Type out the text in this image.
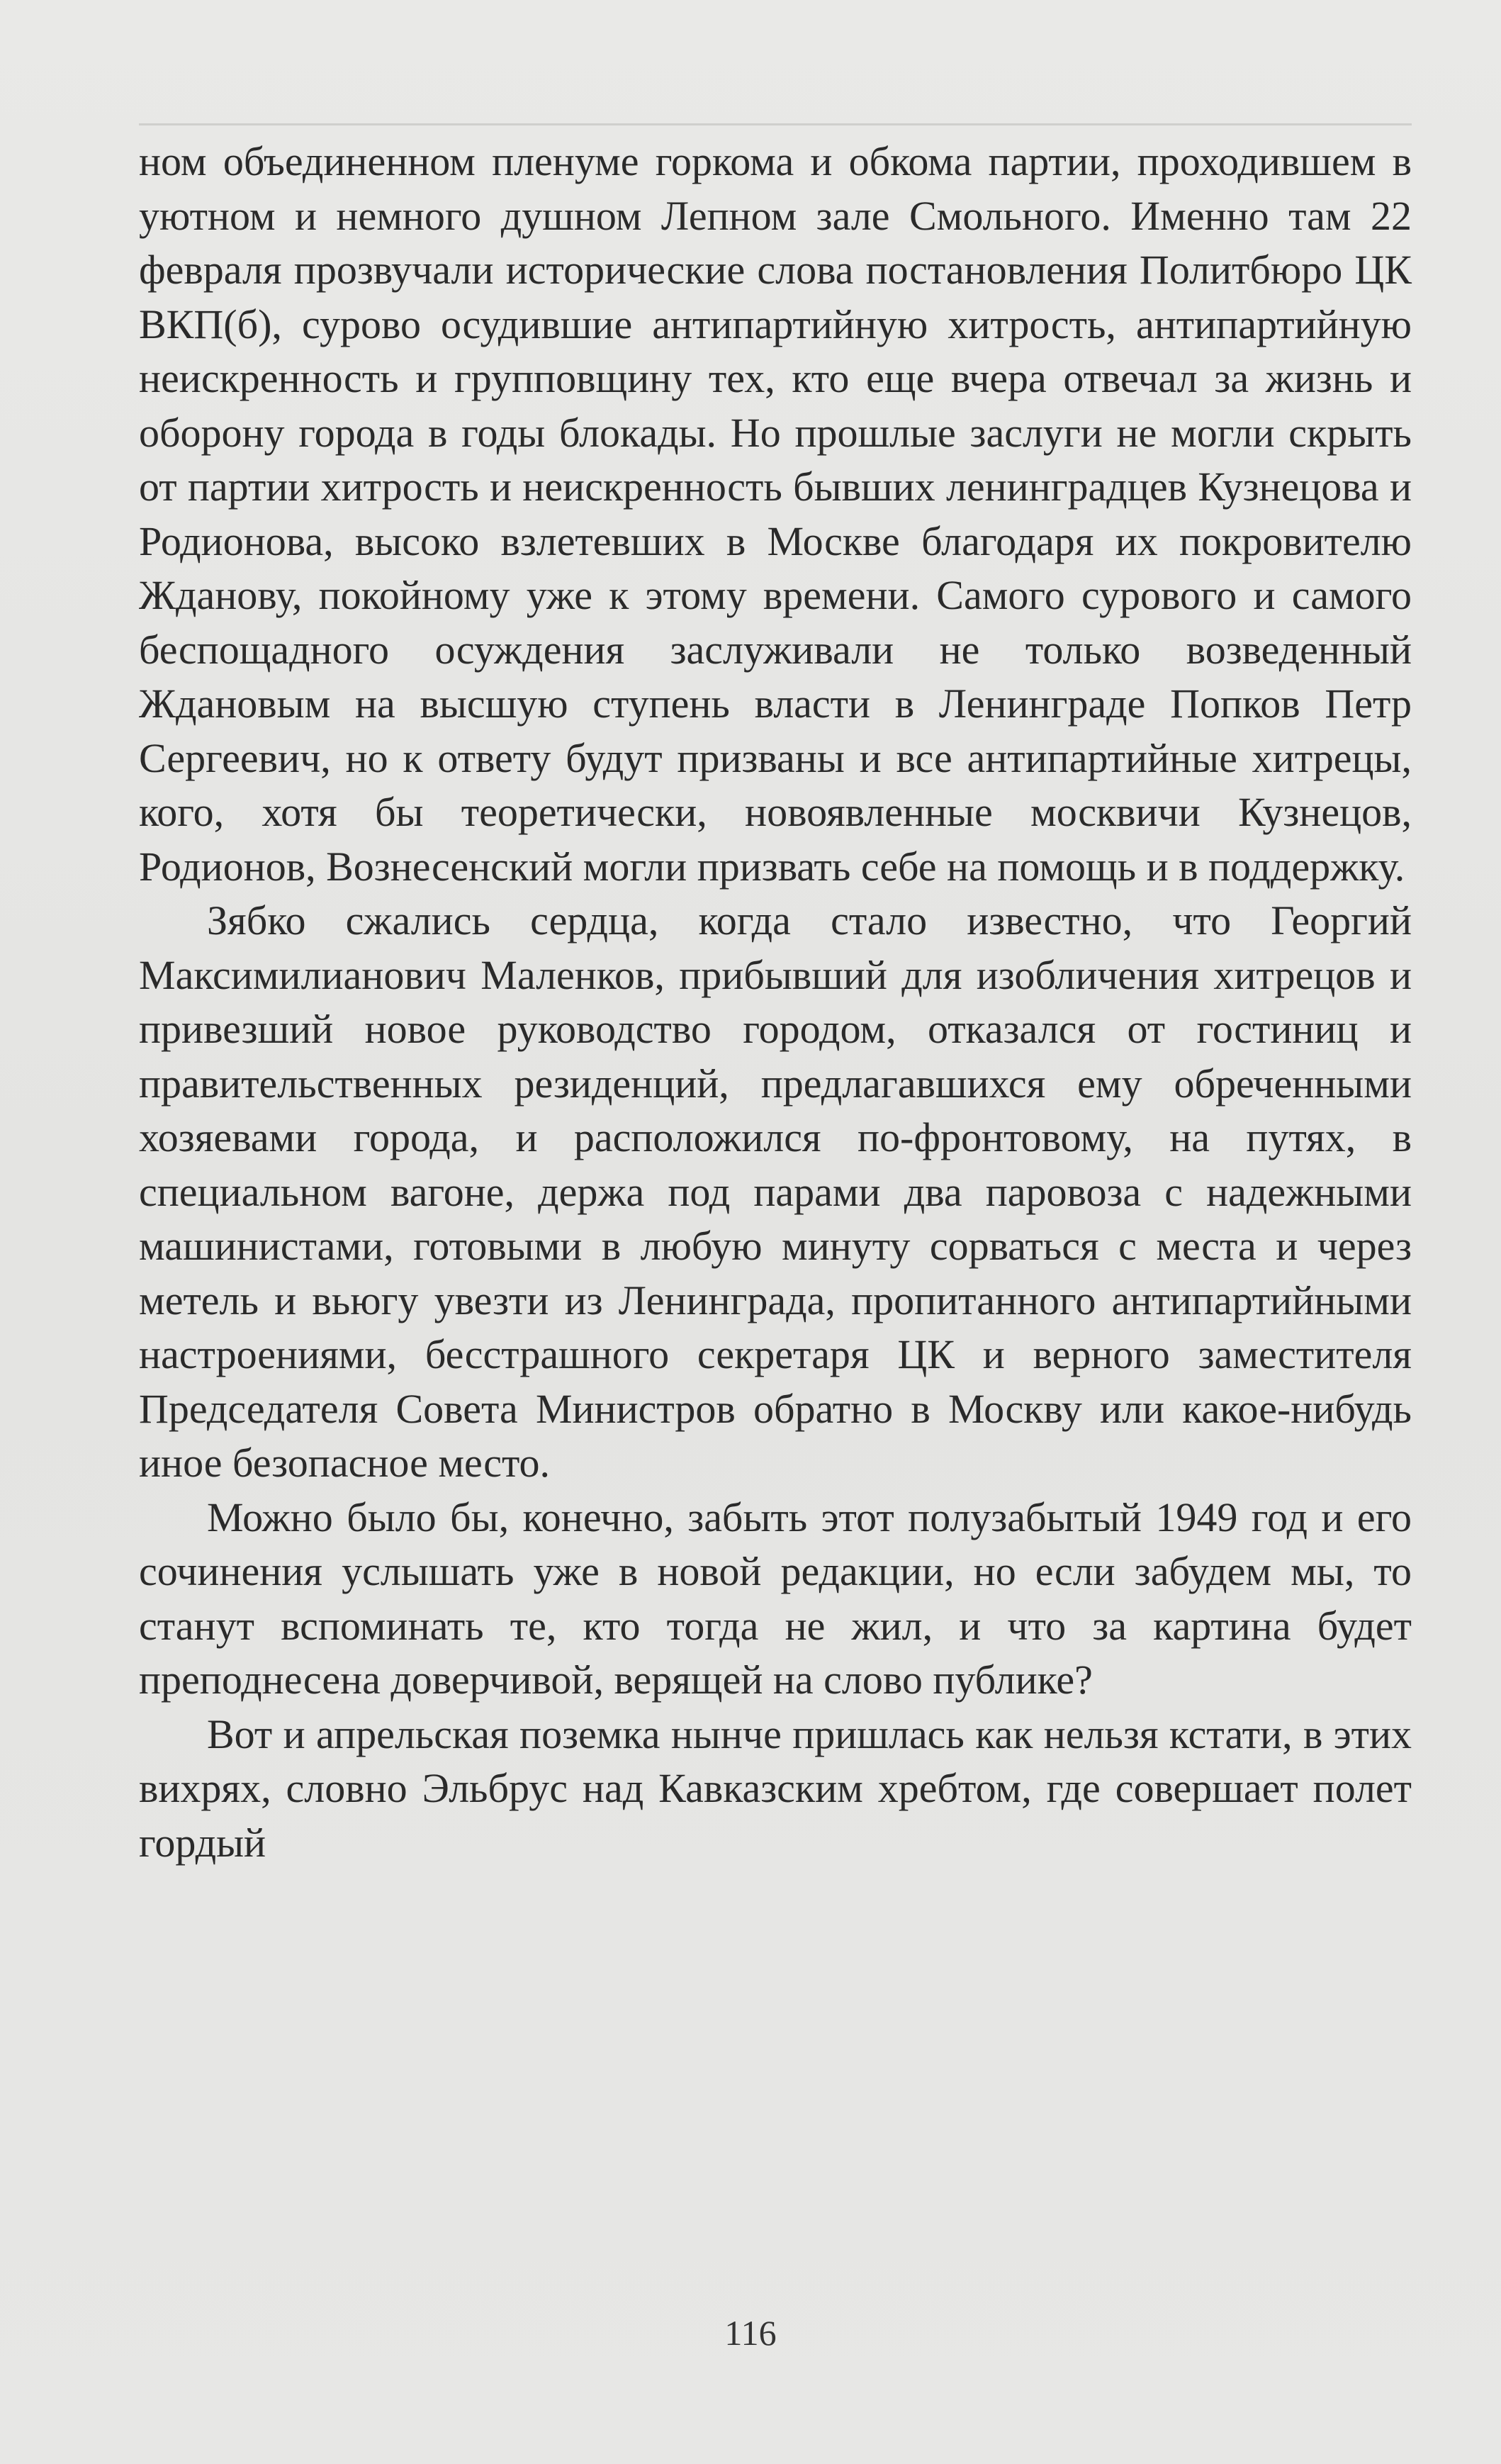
ном объединенном пленуме горкома и обкома партии, проходившем в уютном и немного душном Лепном зале Смольного. Именно там 22 февраля прозвучали исторические слова постановления Политбюро ЦК ВКП(б), сурово осудившие антипартийную хитрость, антипартийную неискренность и групповщину тех, кто еще вчера отвечал за жизнь и оборону города в годы блокады. Но прошлые заслуги не могли скрыть от партии хитрость и неискренность бывших ленинградцев Кузнецова и Родионова, высоко взлетевших в Москве благодаря их покровителю Жданову, покойному уже к этому времени. Самого сурового и самого беспощадного осуждения заслуживали не только возведенный Ждановым на высшую ступень власти в Ленинграде Попков Петр Сергеевич, но к ответу будут призваны и все антипартийные хитрецы, кого, хотя бы теоретически, новоявленные москвичи Кузнецов, Родионов, Вознесенский могли призвать себе на помощь и в поддержку.

Зябко сжались сердца, когда стало известно, что Георгий Максимилианович Маленков, прибывший для изобличения хитрецов и привезший новое руководство городом, отказался от гостиниц и правительственных резиденций, предлагавшихся ему обреченными хозяевами города, и расположился по-фронтовому, на путях, в специальном вагоне, держа под парами два паровоза с надежными машинистами, готовыми в любую минуту сорваться с места и через метель и вьюгу увезти из Ленинграда, пропитанного антипартийными настроениями, бесстрашного секретаря ЦК и верного заместителя Председателя Совета Министров обратно в Москву или какое-нибудь иное безопасное место.

Можно было бы, конечно, забыть этот полузабытый 1949 год и его сочинения услышать уже в новой редакции, но если забудем мы, то станут вспоминать те, кто тогда не жил, и что за картина будет преподнесена доверчивой, верящей на слово публике?

Вот и апрельская поземка нынче пришлась как нельзя кстати, в этих вихрях, словно Эльбрус над Кавказским хребтом, где совершает полет гордый

116
